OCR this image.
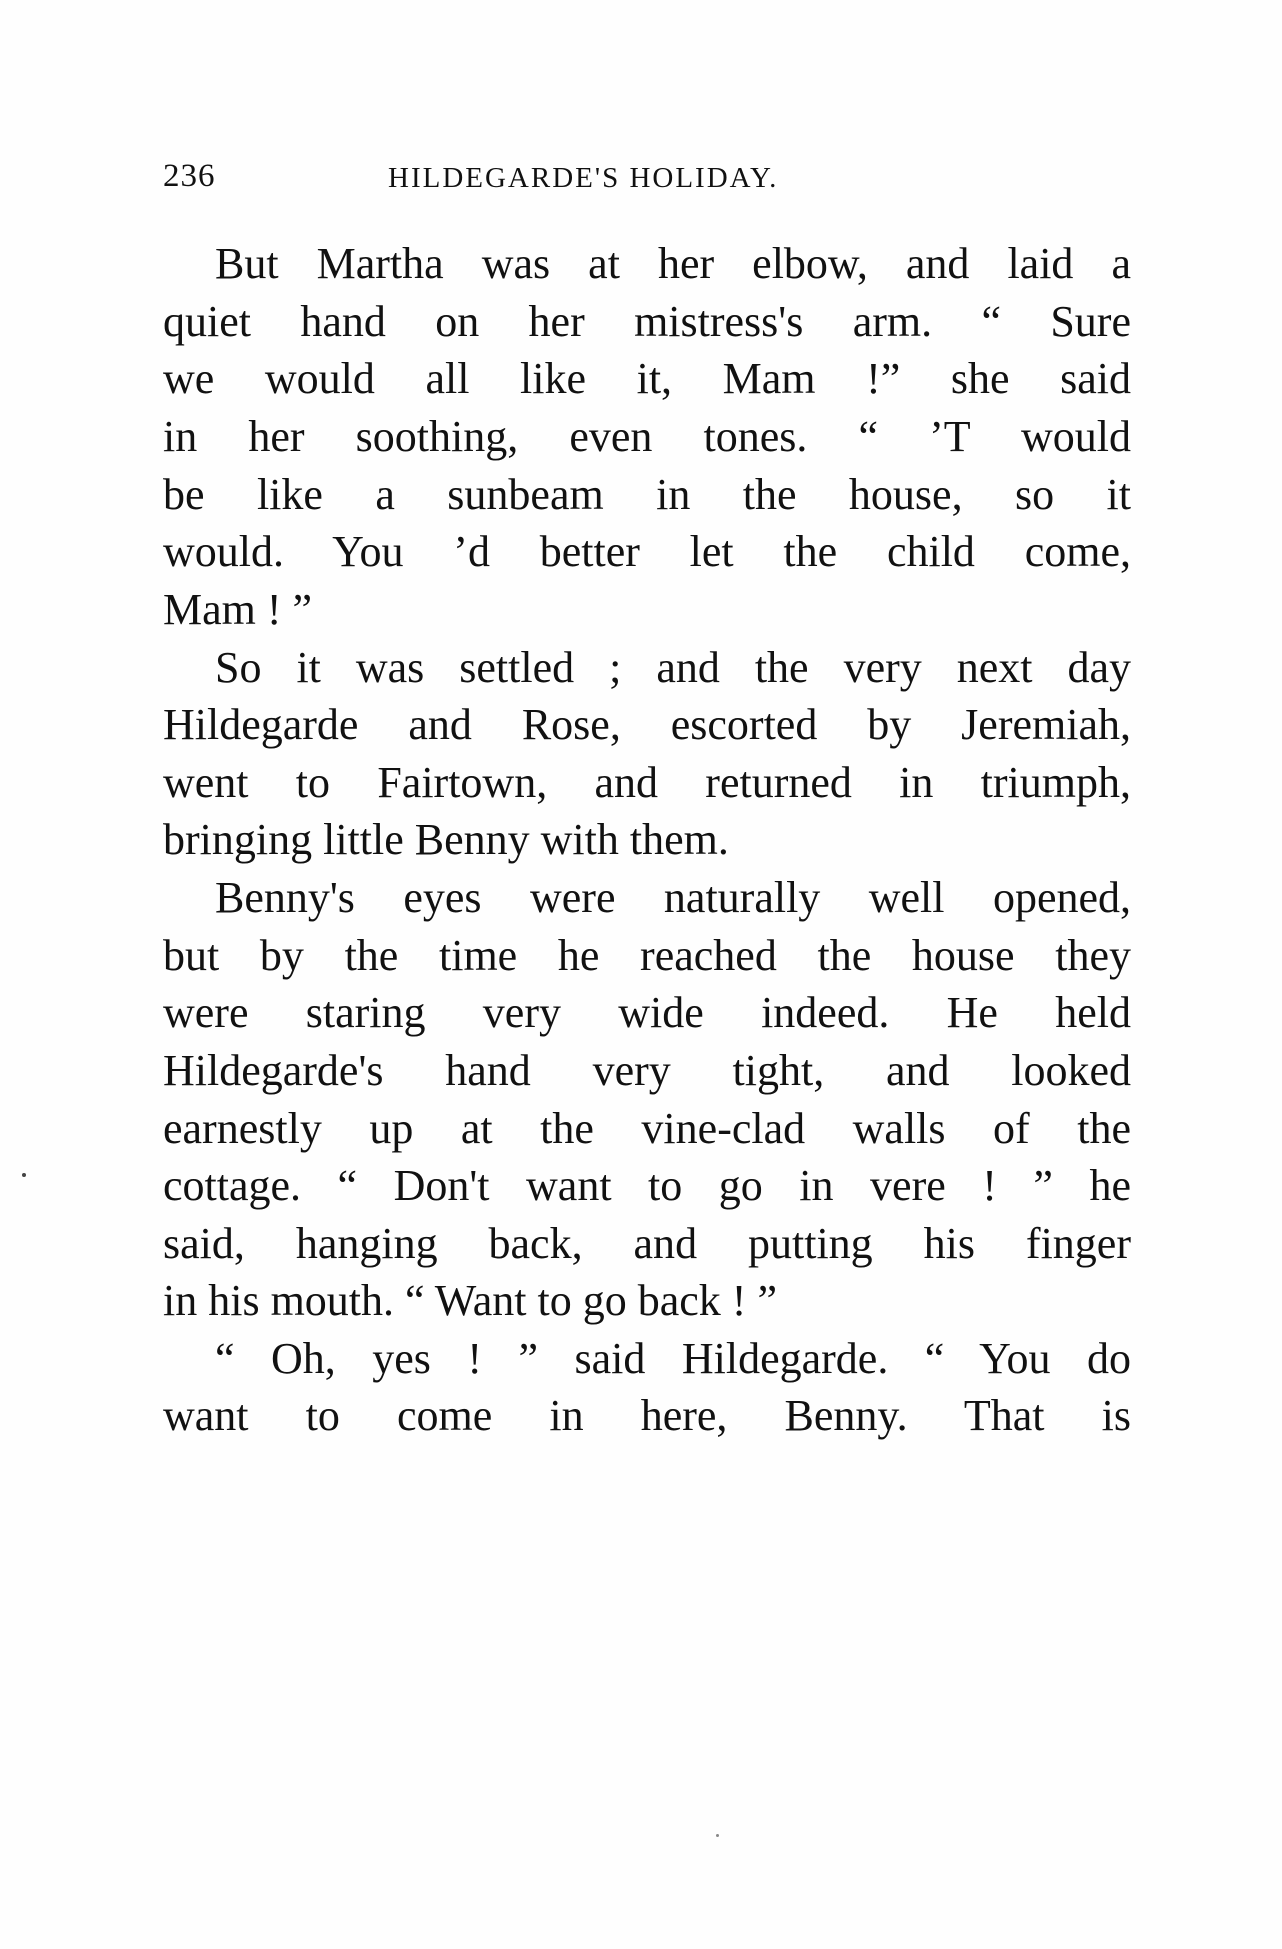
236	HILDEGARDE'S HOLIDAY.
But Martha was at her elbow, and laid a
quiet hand on her mistress's arm. “ Sure
we would all like it, Mam !” she said
in her soothing, even tones. “ ’T would
be like a sunbeam in the house, so it
would. You ’d better let the child come,
Mam ! ”
So it was settled ; and the very next day
Hildegarde and Rose, escorted by Jeremiah,
went to Fairtown, and returned in triumph,
bringing little Benny with them.
Benny's eyes were naturally well opened,
but by the time he reached the house they
were staring very wide indeed. He held
Hildegarde's hand very tight, and looked
earnestly up at the vine-clad walls of the
cottage. “ Don't want to go in vere ! ” he
said, hanging back, and putting his finger
in his mouth. “ Want to go back ! ”
“ Oh, yes ! ” said Hildegarde. “ You do
want to come in here, Benny. That is
